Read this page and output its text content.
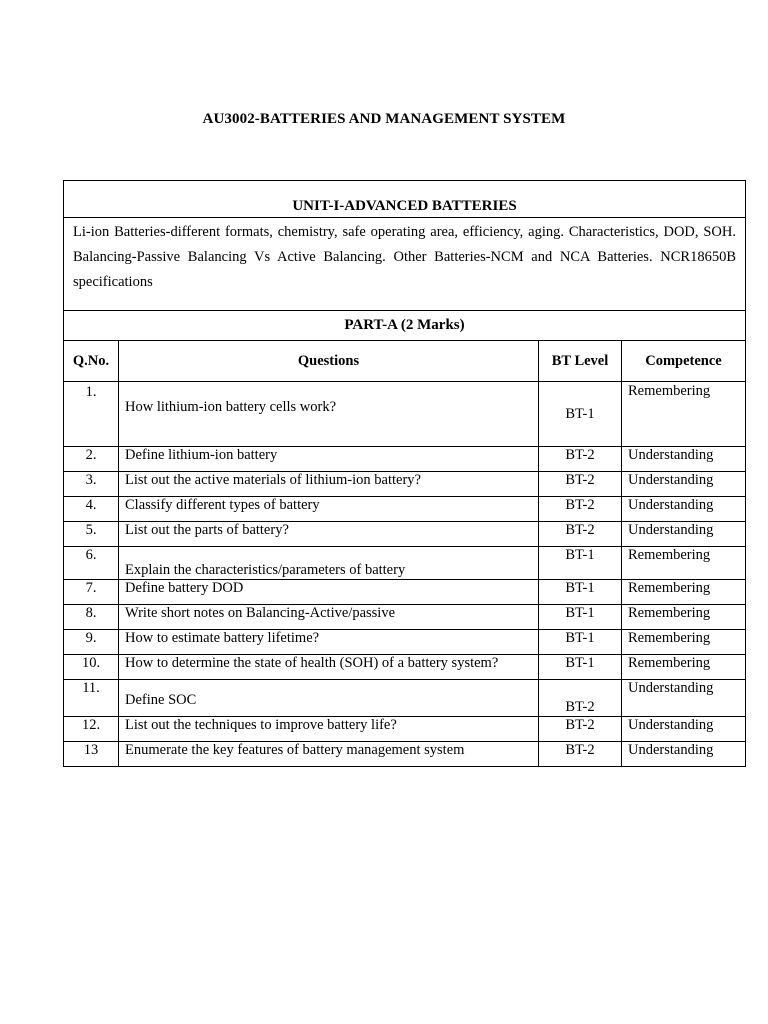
AU3002-BATTERIES AND MANAGEMENT SYSTEM
UNIT-I-ADVANCED BATTERIES			
Li-ion Batteries-different formats, chemistry, safe operating area, efficiency, aging. Characteristics, DOD, SOH. Balancing-Passive Balancing Vs Active Balancing. Other Batteries-NCM and NCA Batteries. NCR18650B specifications			
PART-A (2 Marks)			
Q.No.	Questions	BT Level	Competence
1.	How lithium-ion battery cells work?	BT-1	Remembering
2.	Define lithium-ion battery	BT-2	Understanding
3.	List out the active materials of lithium-ion battery?	BT-2	Understanding
4.	Classify different types of battery	BT-2	Understanding
5.	List out the parts of battery?	BT-2	Understanding
6.	Explain the characteristics/parameters of battery	BT-1	Remembering
7.	Define battery DOD	BT-1	Remembering
8.	Write short notes on Balancing-Active/passive	BT-1	Remembering
9.	How to estimate battery lifetime?	BT-1	Remembering
10.	How to determine the state of health (SOH) of a battery system?	BT-1	Remembering
11.	Define SOC	BT-2	Understanding
12.	List out the techniques to improve battery life?	BT-2	Understanding
13	Enumerate the key features of battery management system	BT-2	Understanding
